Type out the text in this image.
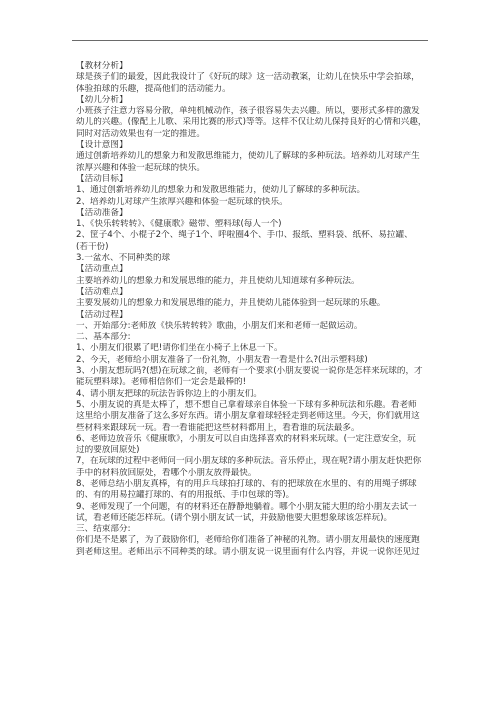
【教材分析】
球是孩子们的最爱，因此我设计了《好玩的球》这一活动教案，让幼儿在快乐中学会拍球，
体验拍球的乐趣，提高他们的活动能力。
【幼儿分析】
小班孩子注意力容易分散，单纯机械动作，孩子很容易失去兴趣。所以，要形式多样的激发
幼儿的兴趣。(像配上儿歌、采用比赛的形式)等等。这样不仅让幼儿保持良好的心情和兴趣，
同时对活动效果也有一定的推进。
【设计意图】
通过创新培养幼儿的想象力和发散思维能力，使幼儿了解球的多种玩法。培养幼儿对球产生
浓厚兴趣和体验一起玩球的快乐。
【活动目标】
1、通过创新培养幼儿的想象力和发散思维能力，使幼儿了解球的多种玩法。
2、培养幼儿对球产生浓厚兴趣和体验一起玩球的快乐。
【活动准备】
1、《快乐转转转》、《健康歌》磁带、塑料球(每人一个)
2、筐子4个、小棍子2个、绳子1个、呼啦圈4个、手巾、报纸、塑料袋、纸杯、易拉罐、
(若干份)
3.一盆水、不同种类的球
【活动重点】
主要培养幼儿的想象力和发展思维的能力，并且使幼儿知道球有多种玩法。
【活动难点】
主要发展幼儿的想象力和发展思维的能力，并且使幼儿能体验到一起玩球的乐趣。
【活动过程】
一、开始部分:老师放《快乐转转转》歌曲，小朋友们来和老师一起做运动。
二、基本部分:
1、小朋友们很累了吧!请你们坐在小椅子上休息一下。
2、今天，老师给小朋友准备了一份礼物，小朋友看一看是什么?(出示塑料球)
3、小朋友想玩吗?(想)在玩球之前，老师有一个要求(小朋友要说一说你是怎样来玩球的，才
能玩塑料球)。老师相信你们一定会是最棒的!
4、请小朋友把球的玩法告诉你边上的小朋友们。
5、小朋友说的真是太棒了，想不想自己拿着球亲自体验一下球有多种玩法和乐趣。看老师
这里给小朋友准备了这么多好东西。请小朋友拿着球轻轻走到老师这里。今天，你们就用这
些材料来跟球玩一玩。看一看谁能把这些材料都用上，看看谁的玩法最多。
6、老师边放音乐《健康歌》，小朋友可以自由选择喜欢的材料来玩球。(一定注意安全，玩
过的要放回原处)
7，在玩球的过程中老师问一问小朋友球的多种玩法。音乐停止，现在呢?请小朋友赶快把你
手中的材料放回原处，看哪个小朋友放得最快。
8、老师总结小朋友真棒，有的用乒乓球拍打球的、有的把球放在水里的、有的用绳子绑球
的、有的用易拉罐打球的、有的用报纸、手巾包球的等)。
9、老师发现了一个问题，有的材料还在静静地躺着。哪个小朋友能大胆的给小朋友去试一
试，看老师还能怎样玩。(请个别小朋友试一试，并鼓励他要大胆想象球该怎样玩)。
三、结束部分:
你们是不是累了，为了鼓励你们，老师给你们准备了神秘的礼物。请小朋友用最快的速度跑
到老师这里。老师出示不同种类的球。请小朋友说一说里面有什么内容，并说一说你还见过
